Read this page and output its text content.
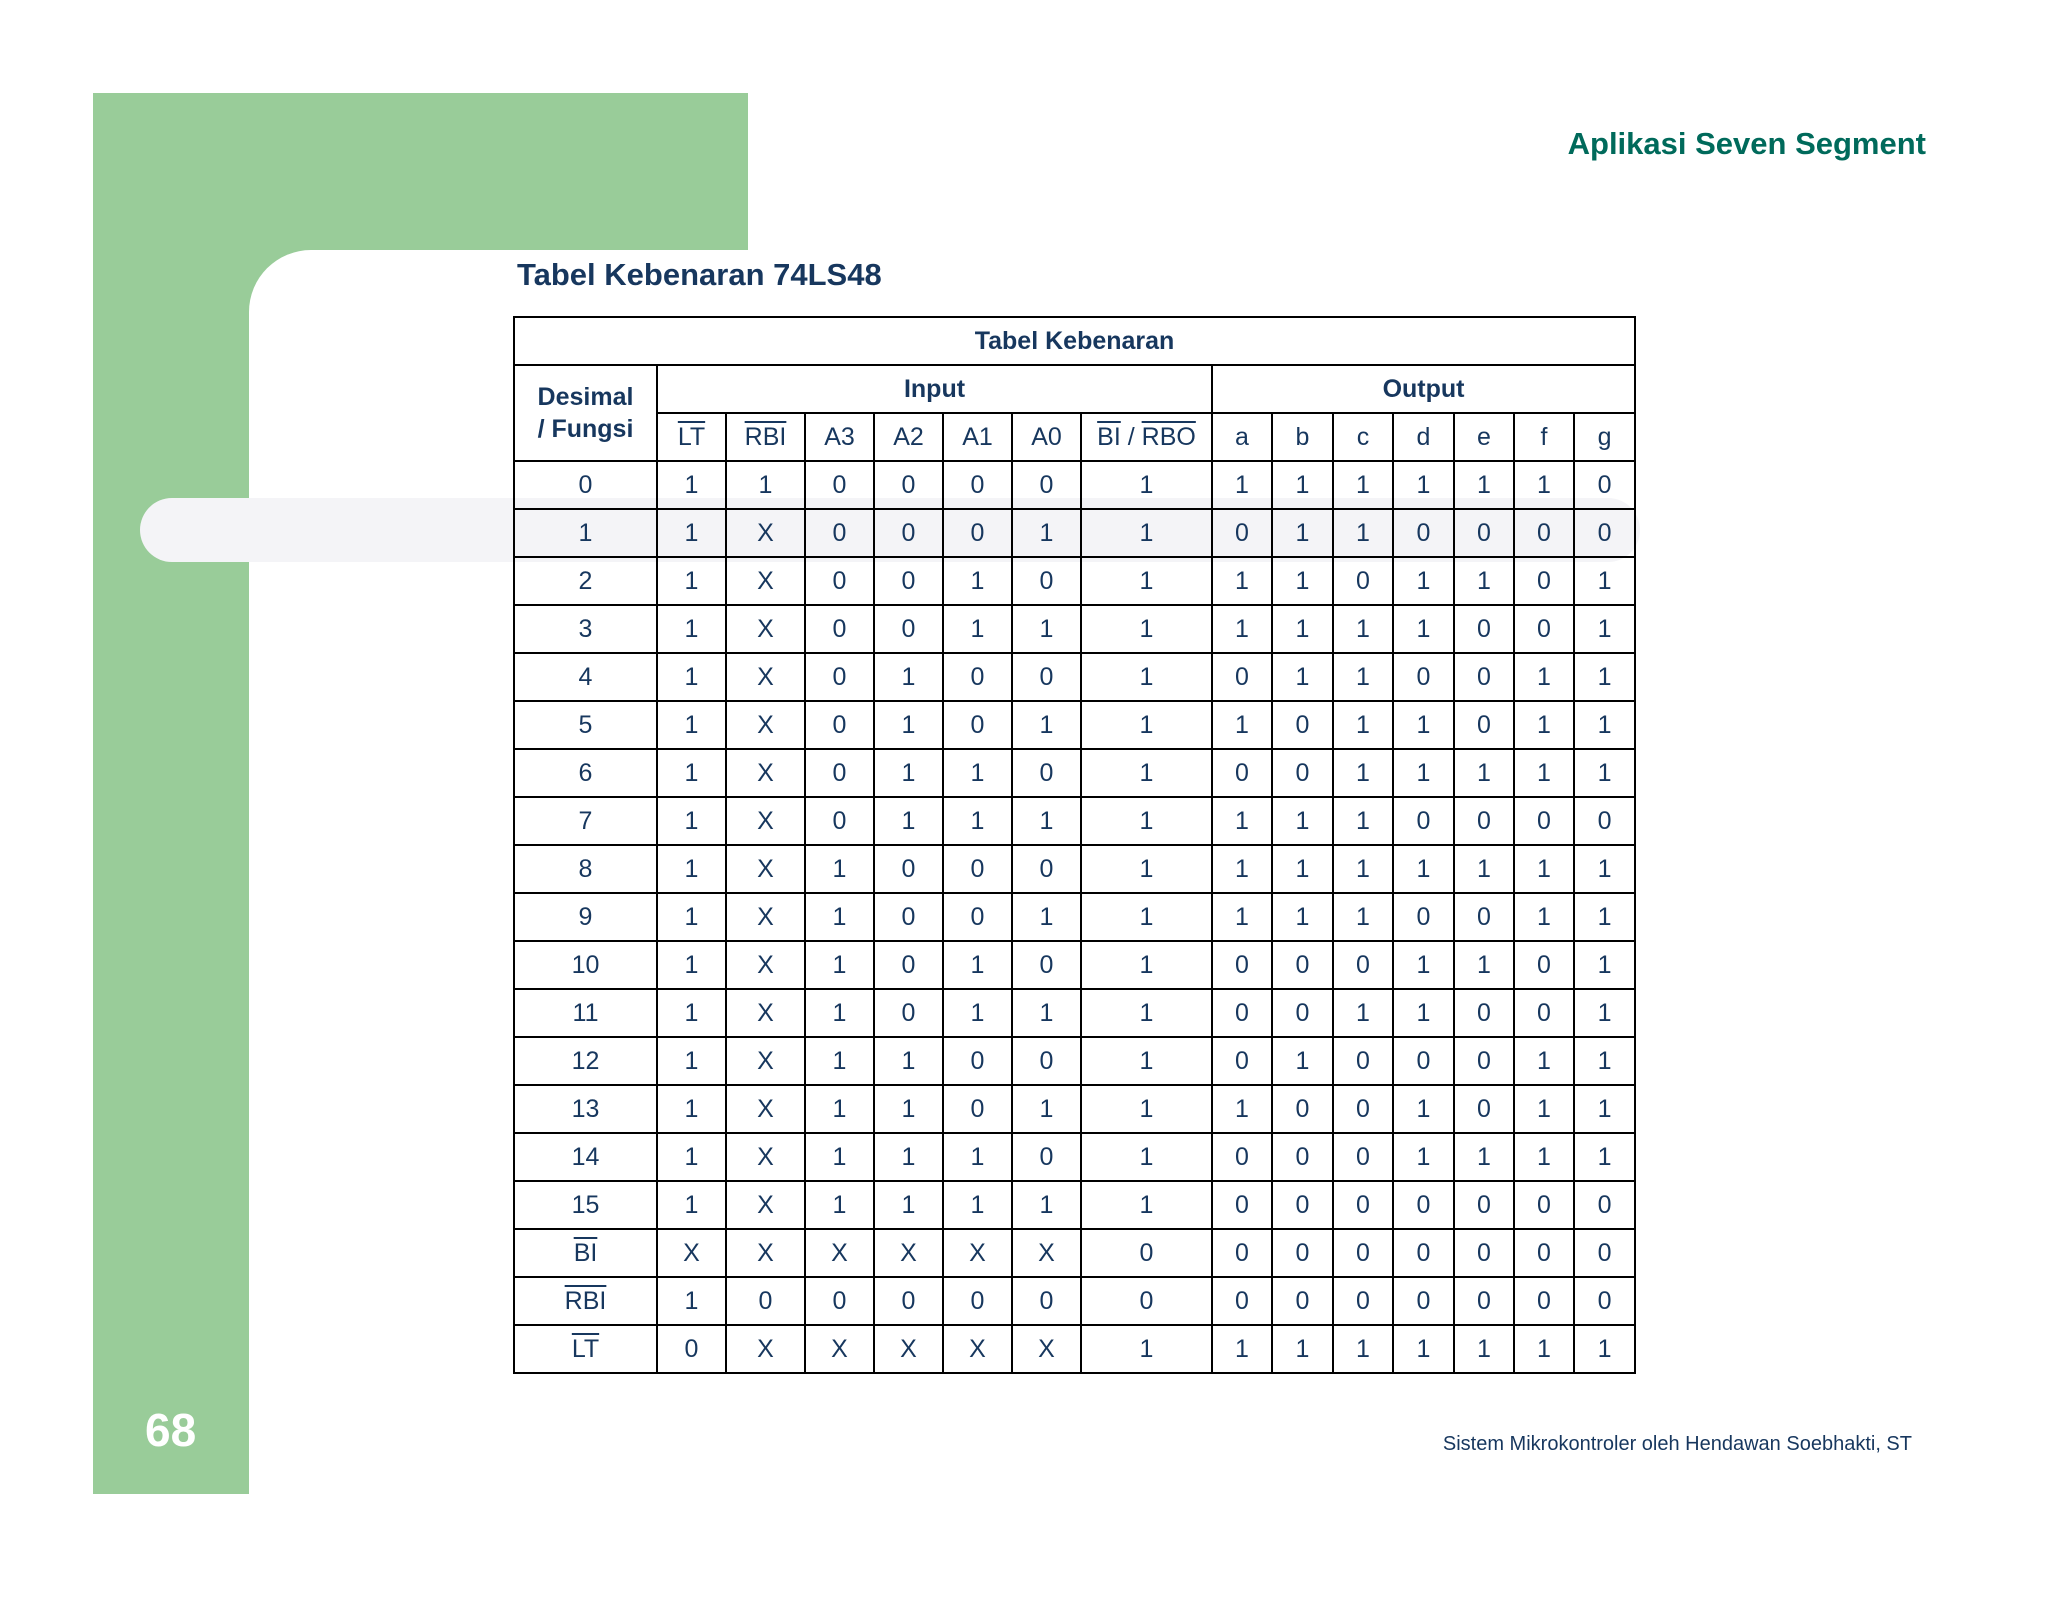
68
Aplikasi Seven Segment
Tabel Kebenaran 74LS48
Sistem Mikrokontroler oleh Hendawan Soebhakti, ST
Tabel Kebenaran														
Desimal
/ Fungsi	Input							Output						
	$\overline{LT}$	$\overline{RBI}$	A3	A2	A1	A0	$\overline{BI} / \overline{RBO}$	a	b	c	d	e	f	g
0	1	1	0	0	0	0	1	1	1	1	1	1	1	0
1	1	X	0	0	0	1	1	0	1	1	0	0	0	0
2	1	X	0	0	1	0	1	1	1	0	1	1	0	1
3	1	X	0	0	1	1	1	1	1	1	1	0	0	1
4	1	X	0	1	0	0	1	0	1	1	0	0	1	1
5	1	X	0	1	0	1	1	1	0	1	1	0	1	1
6	1	X	0	1	1	0	1	0	0	1	1	1	1	1
7	1	X	0	1	1	1	1	1	1	1	0	0	0	0
8	1	X	1	0	0	0	1	1	1	1	1	1	1	1
9	1	X	1	0	0	1	1	1	1	1	0	0	1	1
10	1	X	1	0	1	0	1	0	0	0	1	1	0	1
11	1	X	1	0	1	1	1	0	0	1	1	0	0	1
12	1	X	1	1	0	0	1	0	1	0	0	0	1	1
13	1	X	1	1	0	1	1	1	0	0	1	0	1	1
14	1	X	1	1	1	0	1	0	0	0	1	1	1	1
15	1	X	1	1	1	1	1	0	0	0	0	0	0	0
$\overline{BI}$	X	X	X	X	X	X	0	0	0	0	0	0	0	0
$\overline{RBI}$	1	0	0	0	0	0	0	0	0	0	0	0	0	0
$\overline{LT}$	0	X	X	X	X	X	1	1	1	1	1	1	1	1
